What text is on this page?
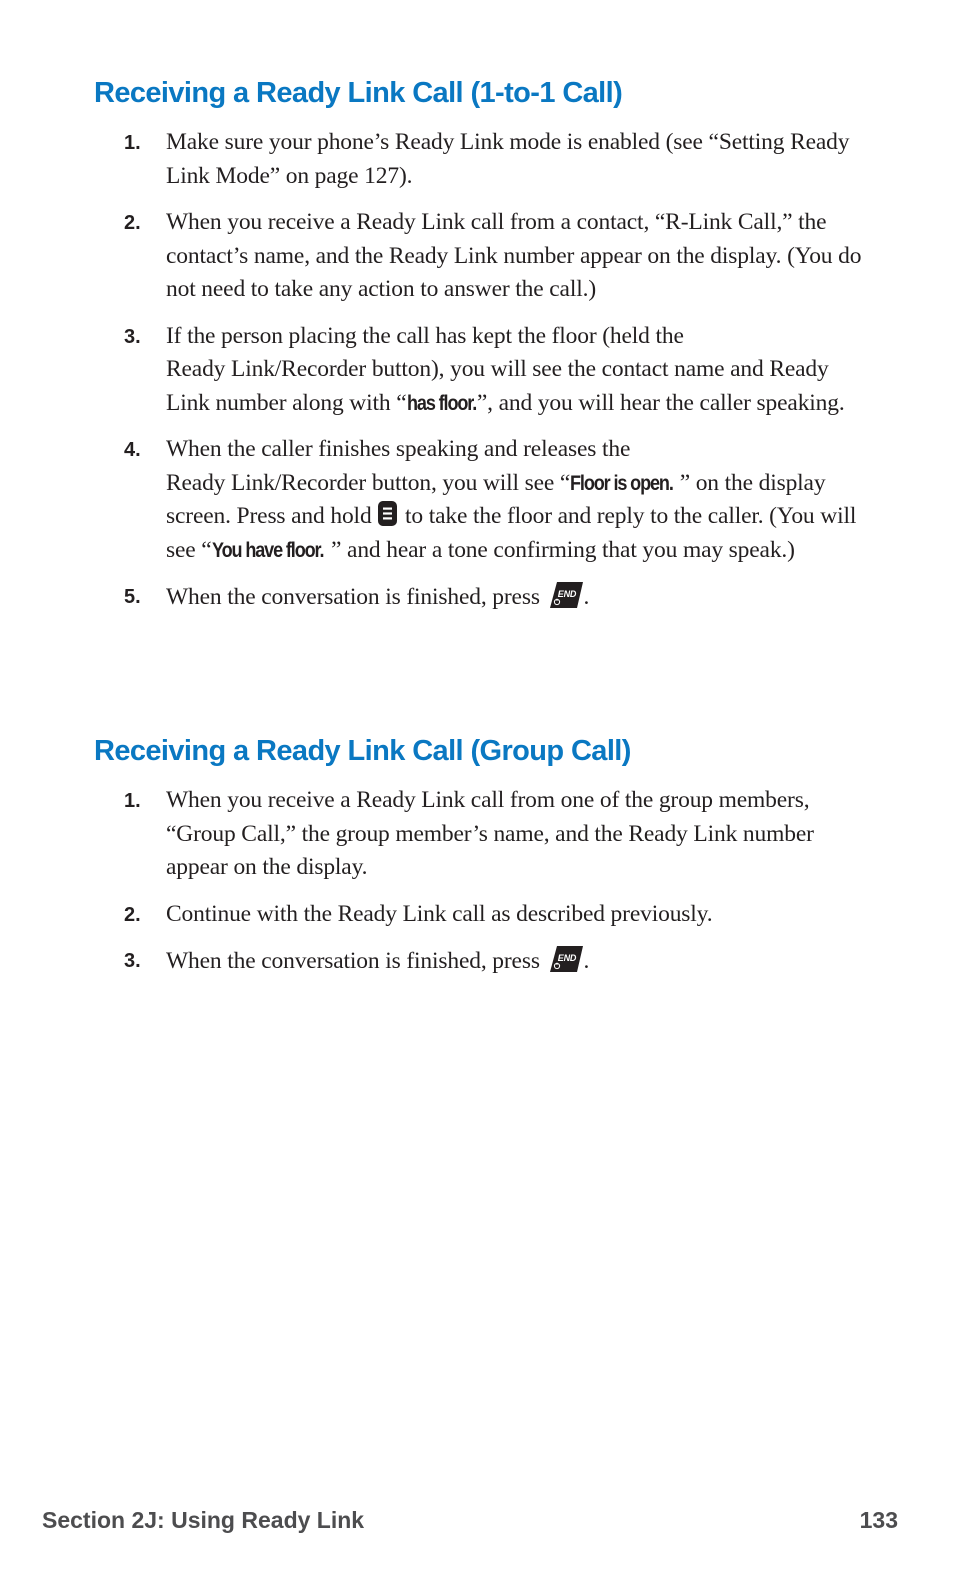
Receiving a Ready Link Call (1-to-1 Call)
1. Make sure your phone’s Ready Link mode is enabled (see “Setting Ready Link Mode” on page 127).
2. When you receive a Ready Link call from a contact, “R-Link Call,” the contact’s name, and the Ready Link number appear on the display. (You do not need to take any action to answer the call.)
3. If the person placing the call has kept the floor (held the
Ready Link/Recorder button), you will see the contact name and Ready Link number along with “has floor.”, and you will hear the caller speaking.
4. When the caller finishes speaking and releases the
Ready Link/Recorder button, you will see “Floor is open. ” on the display screen. Press and hold
to take the floor and reply to the caller. (You will see “You have floor. ” and hear a tone confirming that you may speak.)
5. When the conversation is finished, press END .
Receiving a Ready Link Call (Group Call)
1. When you receive a Ready Link call from one of the group members, “Group Call,” the group member’s name, and the Ready Link number appear on the display.
2. Continue with the Ready Link call as described previously.
3. When the conversation is finished, press END .
Section 2J: Using Ready Link	133
